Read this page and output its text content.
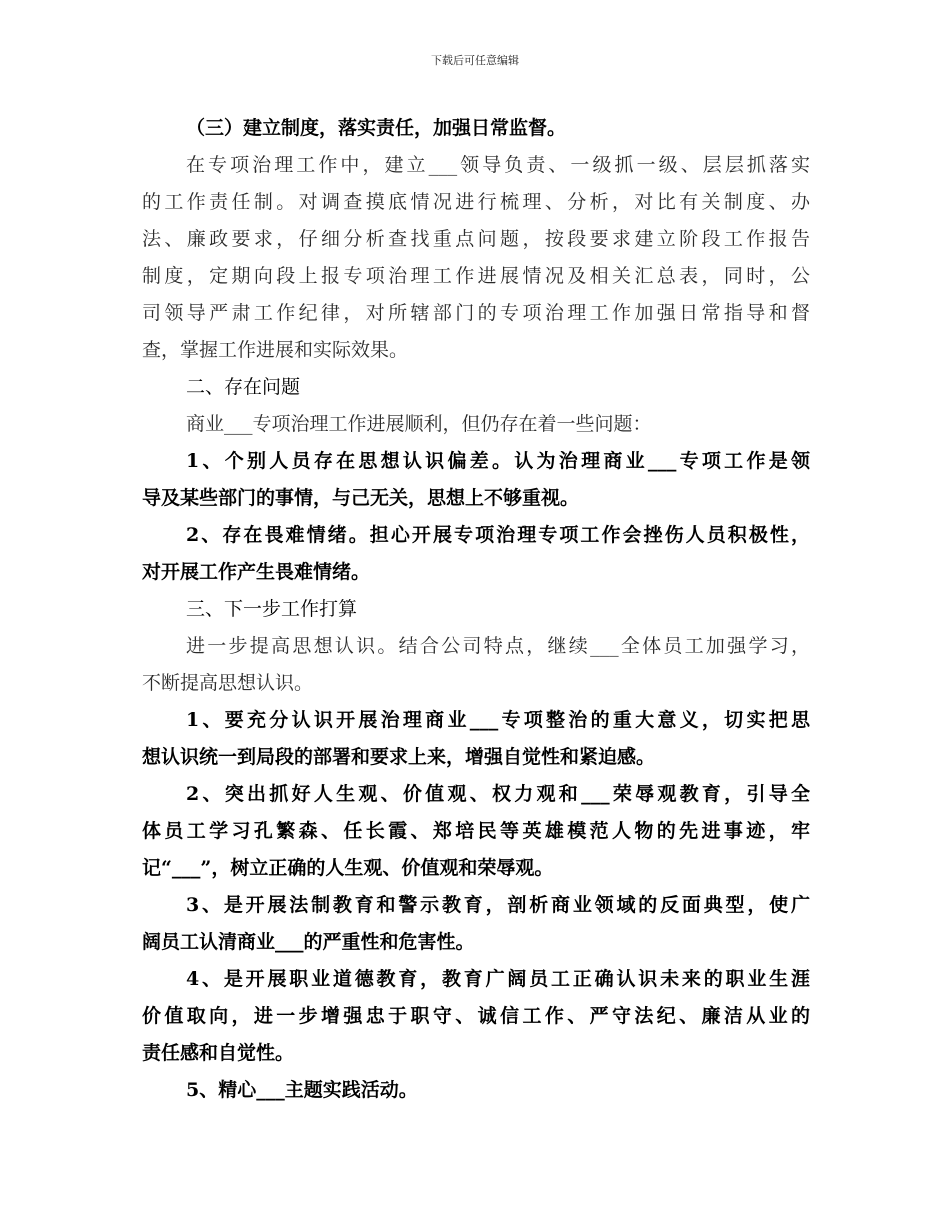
下载后可任意编辑
（三）建立制度，落实责任，加强日常监督。
在专项治理工作中，建立___领导负责、一级抓一级、层层抓落实
的工作责任制。对调查摸底情况进行梳理、分析，对比有关制度、办
法、廉政要求，仔细分析查找重点问题，按段要求建立阶段工作报告
制度，定期向段上报专项治理工作进展情况及相关汇总表，同时，公
司领导严肃工作纪律，对所辖部门的专项治理工作加强日常指导和督
查，掌握工作进展和实际效果。
二、存在问题
商业___专项治理工作进展顺利，但仍存在着一些问题：
1、个别人员存在思想认识偏差。认为治理商业___专项工作是领
导及某些部门的事情，与己无关，思想上不够重视。
2、存在畏难情绪。担心开展专项治理专项工作会挫伤人员积极性，
对开展工作产生畏难情绪。
三、下一步工作打算
进一步提高思想认识。结合公司特点，继续___全体员工加强学习，
不断提高思想认识。
1、要充分认识开展治理商业___专项整治的重大意义，切实把思
想认识统一到局段的部署和要求上来，增强自觉性和紧迫感。
2、突出抓好人生观、价值观、权力观和___荣辱观教育，引导全
体员工学习孔繁森、任长霞、郑培民等英雄模范人物的先进事迹，牢
记“___”，树立正确的人生观、价值观和荣辱观。
3、是开展法制教育和警示教育，剖析商业领域的反面典型，使广
阔员工认清商业___的严重性和危害性。
4、是开展职业道德教育，教育广阔员工正确认识未来的职业生涯
价值取向，进一步增强忠于职守、诚信工作、严守法纪、廉洁从业的
责任感和自觉性。
5、精心___主题实践活动。
